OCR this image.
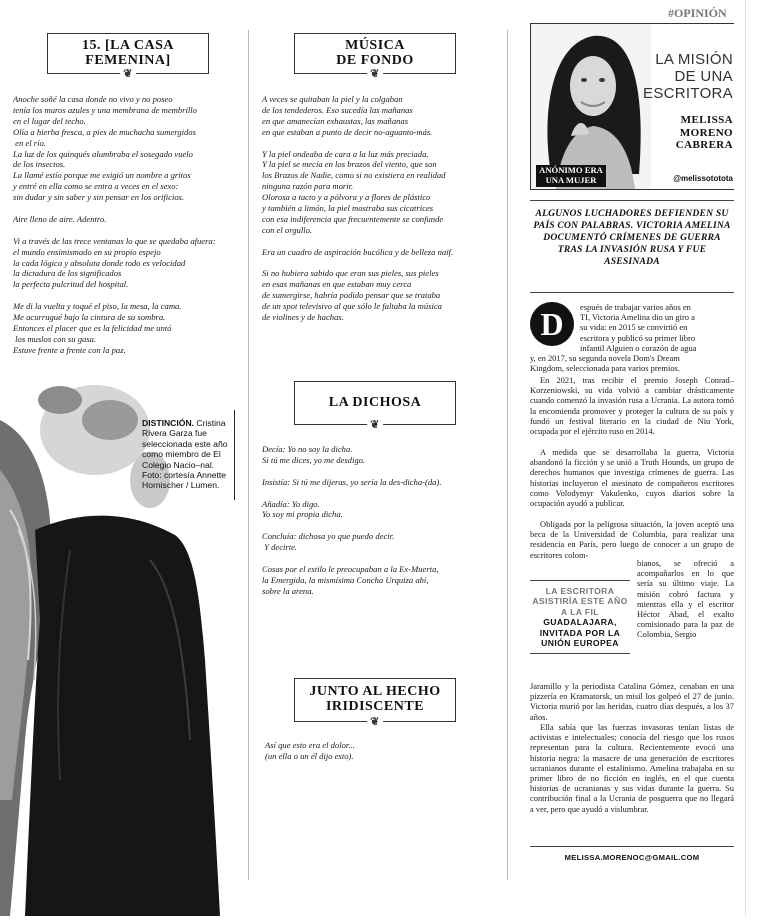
DISTINCIÓN. Cristina Rivera Garza fue seleccionada este año como miembro de El Colegio Nacio–nal. Foto: cortesía Annette Hornischer / Lumen.
15. [LA CASA FEMENINA]
❦

Anoche soñé la casa donde no vivo y no poseo
tenía los muros azules y una membrana de membrillo
en el lugar del techo.
Olía a hierba fresca, a pies de muchacha sumergidos
en el río.
La luz de los quinqués alumbraba el sosegado vuelo
de los insectos.
La llamé estío porque me exigió un nombre a gritos
y entré en ella como se entra a veces en el sexo:
sin dudar y sin saber y sin pensar en los orificios.

Aire lleno de aire. Adentro.

Vi a través de las trece ventanas lo que se quedaba afuera:
el mundo ensimismado en su propio espejo
la cada lógica y absoluta donde todo es velocidad
la dictadura de los significados
la perfecta pulcritud del hospital.

Me di la vuelta y toqué el piso, la mesa, la cama.
Me acurrugué bajo la cintura de su sombra.
Entonces el placer que es la felicidad me untó
los muslos con su gasa.
Estuve frente a frente con la paz.

MÚSICA DE FONDO
❦

A veces se quitaban la piel y la colgaban
de los tendederos. Eso sucedía las mañanas
en que amanecían exhaustas, las mañanas
en que estaban a punto de decir no-aguanto-más.

Y la piel ondeaba de cara a la luz más preciada.
Y la piel se mecía en los brazos del viento, que son
los Brazos de Nadie, como si no existiera en realidad
ninguna razón para morir.
Olorosa a tacto y a pólvora y a flores de plástico
y también a limón, la piel mostraba sus cicatrices
con esa indiferencia que frecuentemente se confunde
con el orgullo.

Era un cuadro de aspiración bucólica y de belleza naïf.

Si no hubiera sabido que eran sus pieles, sus pieles
en esas mañanas en que estaban muy cerca
de sumergirse, habría podido pensar que se trataba
de un spot televisivo al que sólo le faltaba la música
de violines y de hachas.

LA DICHOSA
❦

Decía: Yo no soy la dicha.
Si tú me dices, yo me desdigo.

Insistía: Si tú me dijeras, yo sería la des-dicha-(da).

Añadía: Yo digo.
Yo soy mi propia dicha.

Concluía: dichosa yo que puedo decir.
Y decirte.

Cosas por el estilo le preocupaban a la Ex-Muerta,
la Emergida, la mismísima Concha Urquiza ahí,
sobre la arena.

JUNTO AL HECHO IRIDISCENTE
❦

Así que esto era el dolor...
(un ella o un él dijo esto).

#OPINIÓN
LA MISIÓN DE UNA ESCRITORA
MELISSA MORENO CABRERA
@melissototota
ANÓNIMO ERA UNA MUJER
ALGUNOS LUCHADORES DEFIENDEN SU PAÍS CON PALABRAS. VICTORIA AMELINA DOCUMENTÓ CRÍMENES DE GUERRA TRAS LA INVASIÓN RUSA Y FUE ASESINADA
D	espués de trabajar varios años en
TI, Victoria Amelina dio un giro a
su vida: en 2015 se convirtió en
escritora y publicó su primer libro
infantil Alguien o corazón de agua
y, en 2017, su segunda novela Dom's Dream
Kingdom, seleccionada para varios premios.
En 2021, tras recibir el premio Joseph Conrad–Korzeniowski, su vida volvió a cambiar drásticamente cuando comenzó la invasión rusa a Ucrania. La autora tomó la encomienda promover y proteger la cultura de su país y fundó un festival literario en la ciudad de Niu York, ocupada por el ejército ruso en 2014.
A medida que se desarrollaba la guerra, Victoria abandonó la ficción y se unió a Truth Hounds, un grupo de derechos humanos que investiga crímenes de guerra. Las historias incluyeron el asesinato de compañeros escritores como Volodymyr Vakulenko, cuyos diarios sobre la ocupación ayudó a publicar.
Obligada por la peligrosa situación, la joven aceptó una beca de la Universidad de Columbia, para realizar una residencia en París, pero luego de conocer a un grupo de escritores colom-
LA ESCRITORA ASISTIRÍA ESTE AÑO A LA FIL
GUADALAJARA, INVITADA POR LA UNIÓN EUROPEA
bianos, se ofreció a acompañarlos en lo que sería su último viaje. La misión cobró factura y mientras ella y el escritor Héctor Abad, el exalto comisionado para la paz de Colombia, Sergio
Jaramillo y la periodista Catalina Gómez, cenaban en una pizzería en Kramatorsk, un misil los golpeó el 27 de junio. Victoria murió por las heridas, cuatro días después, a los 37 años.
Ella sabía que las fuerzas invasoras tenían listas de activistas e intelectuales; conocía del riesgo que los rusos representan para la cultura. Recientemente evocó una historia negra: la masacre de una generación de escritores ucranianos durante el estalinismo. Amelina trabajaba en su primer libro de no ficción en inglés, en el que cuenta historias de ucranianas y sus vidas durante la guerra. Su contribución final a la Ucrania de posguerra que no llegará a ver, pero que ayudó a vislumbrar.
MELISSA.MORENOC@GMAIL.COM
